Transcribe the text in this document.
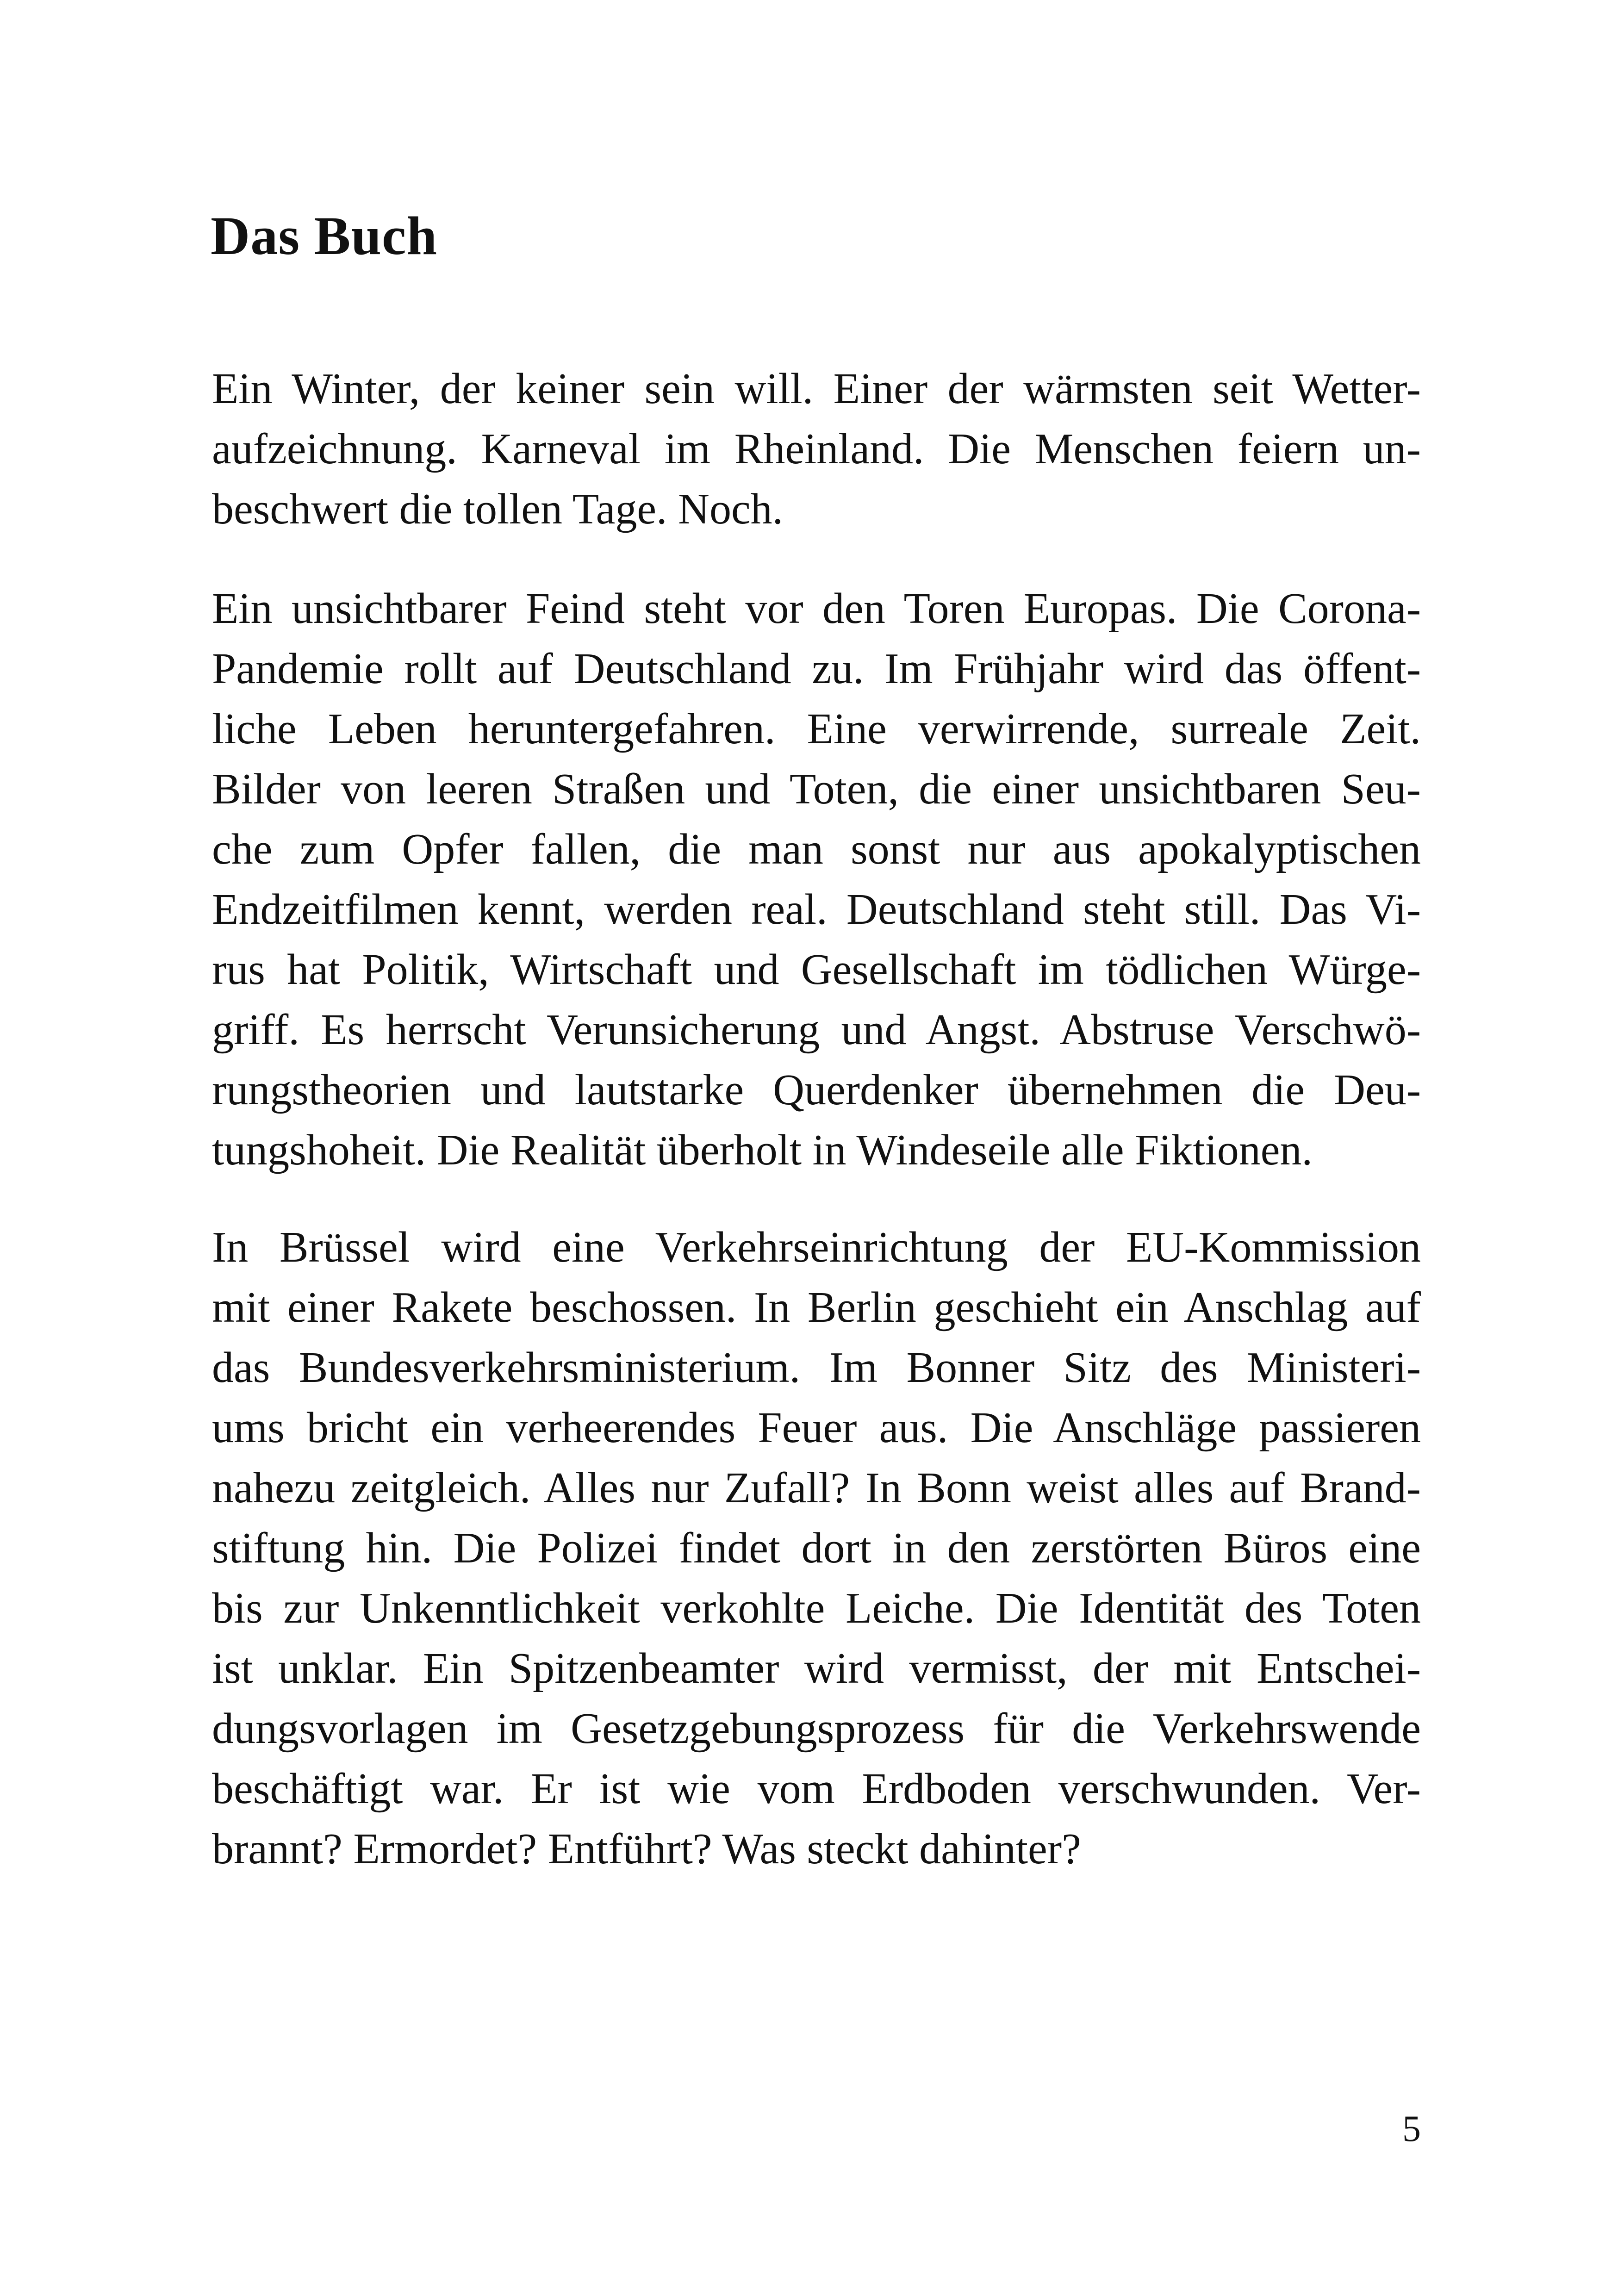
Das Buch
Ein Winter, der keiner sein will. Einer der wärmsten seit Wetter-
aufzeichnung. Karneval im Rheinland. Die Menschen feiern un-
beschwert die tollen Tage. Noch.
Ein unsichtbarer Feind steht vor den Toren Europas. Die Corona-
Pandemie rollt auf Deutschland zu. Im Frühjahr wird das öffent-
liche Leben heruntergefahren. Eine verwirrende, surreale Zeit.
Bilder von leeren Straßen und Toten, die einer unsichtbaren Seu-
che zum Opfer fallen, die man sonst nur aus apokalyptischen
Endzeitfilmen kennt, werden real. Deutschland steht still. Das Vi-
rus hat Politik, Wirtschaft und Gesellschaft im tödlichen Würge-
griff. Es herrscht Verunsicherung und Angst. Abstruse Verschwö-
rungstheorien und lautstarke Querdenker übernehmen die Deu-
tungshoheit. Die Realität überholt in Windeseile alle Fiktionen.
In Brüssel wird eine Verkehrseinrichtung der EU-Kommission
mit einer Rakete beschossen. In Berlin geschieht ein Anschlag auf
das Bundesverkehrsministerium. Im Bonner Sitz des Ministeri-
ums bricht ein verheerendes Feuer aus. Die Anschläge passieren
nahezu zeitgleich. Alles nur Zufall? In Bonn weist alles auf Brand-
stiftung hin. Die Polizei findet dort in den zerstörten Büros eine
bis zur Unkenntlichkeit verkohlte Leiche. Die Identität des Toten
ist unklar. Ein Spitzenbeamter wird vermisst, der mit Entschei-
dungsvorlagen im Gesetzgebungsprozess für die Verkehrswende
beschäftigt war. Er ist wie vom Erdboden verschwunden. Ver-
brannt? Ermordet? Entführt? Was steckt dahinter?
5
